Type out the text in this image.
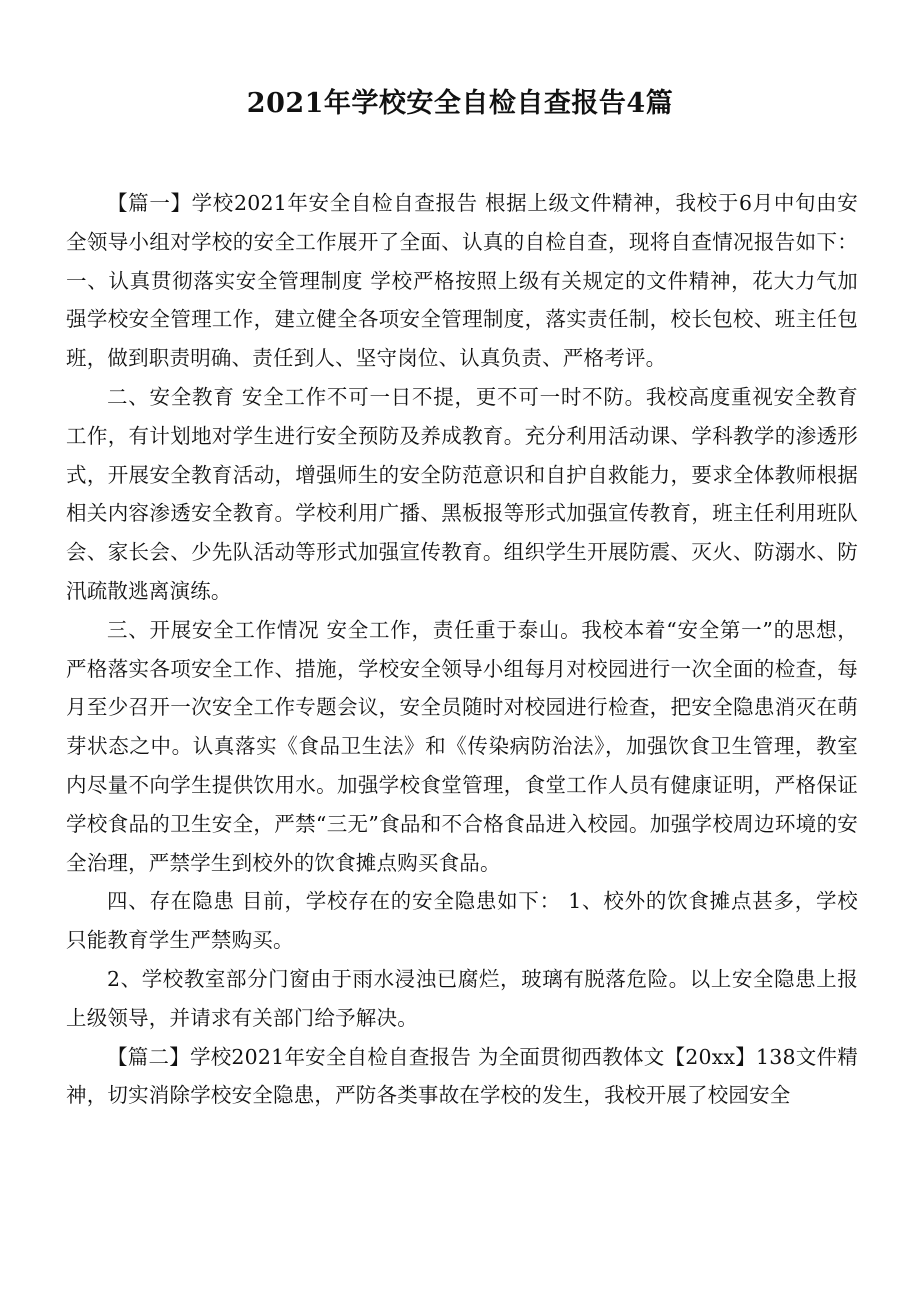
2021年学校安全自检自查报告4篇

【篇一】学校2021年安全自检自查报告 根据上级文件精神，我校于6月中旬由安全领导小组对学校的安全工作展开了全面、认真的自检自查，现将自查情况报告如下： 一、认真贯彻落实安全管理制度 学校严格按照上级有关规定的文件精神，花大力气加强学校安全管理工作，建立健全各项安全管理制度，落实责任制，校长包校、班主任包班，做到职责明确、责任到人、坚守岗位、认真负责、严格考评。

二、安全教育 安全工作不可一日不提，更不可一时不防。我校高度重视安全教育工作，有计划地对学生进行安全预防及养成教育。充分利用活动课、学科教学的渗透形式，开展安全教育活动，增强师生的安全防范意识和自护自救能力，要求全体教师根据相关内容渗透安全教育。学校利用广播、黑板报等形式加强宣传教育，班主任利用班队会、家长会、少先队活动等形式加强宣传教育。组织学生开展防震、灭火、防溺水、防汛疏散逃离演练。

三、开展安全工作情况 安全工作，责任重于泰山。我校本着“安全第一”的思想，严格落实各项安全工作、措施，学校安全领导小组每月对校园进行一次全面的检查，每月至少召开一次安全工作专题会议，安全员随时对校园进行检查，把安全隐患消灭在萌芽状态之中。认真落实《食品卫生法》和《传染病防治法》，加强饮食卫生管理，教室内尽量不向学生提供饮用水。加强学校食堂管理，食堂工作人员有健康证明，严格保证学校食品的卫生安全，严禁“三无”食品和不合格食品进入校园。加强学校周边环境的安全治理，严禁学生到校外的饮食摊点购买食品。

四、存在隐患 目前，学校存在的安全隐患如下： 1、校外的饮食摊点甚多，学校只能教育学生严禁购买。

2、学校教室部分门窗由于雨水浸浊已腐烂，玻璃有脱落危险。以上安全隐患上报上级领导，并请求有关部门给予解决。

【篇二】学校2021年安全自检自查报告 为全面贯彻西教体文【20xx】138文件精神，切实消除学校安全隐患，严防各类事故在学校的发生，我校开展了校园安全
